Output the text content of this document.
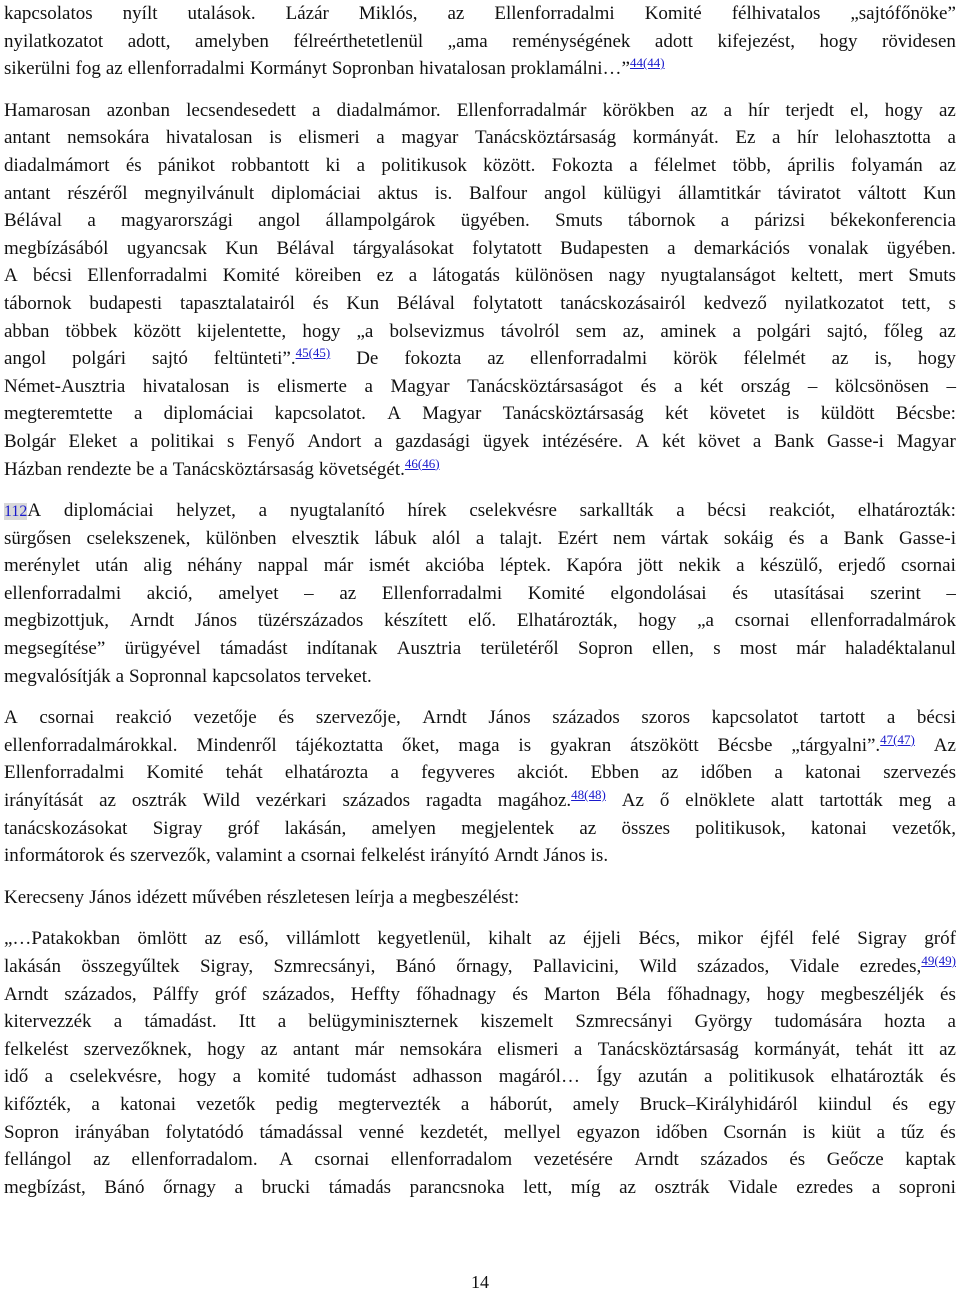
kapcsolatos nyílt utalások. Lázár Miklós, az Ellenforradalmi Komité félhivatalos „sajtófőnöke”
nyilatkozatot adott, amelyben félreérthetetlenül „ama reménységének adott kifejezést, hogy rövidesen
sikerülni fog az ellenforradalmi Kormányt Sopronban hivatalosan proklamálni…”$^{44(44)}$
Hamarosan azonban lecsendesedett a diadalmámor. Ellenforradalmár körökben az a hír terjedt el, hogy az
antant nemsokára hivatalosan is elismeri a magyar Tanácsköztársaság kormányát. Ez a hír lelohasztotta a
diadalmámort és pánikot robbantott ki a politikusok között. Fokozta a félelmet több, április folyamán az
antant részéről megnyilvánult diplomáciai aktus is. Balfour angol külügyi államtitkár táviratot váltott Kun
Bélával a magyarországi angol állampolgárok ügyében. Smuts tábornok a párizsi békekonferencia
megbízásából ugyancsak Kun Bélával tárgyalásokat folytatott Budapesten a demarkációs vonalak ügyében.
A bécsi Ellenforradalmi Komité köreiben ez a látogatás különösen nagy nyugtalanságot keltett, mert Smuts
tábornok budapesti tapasztalatairól és Kun Bélával folytatott tanácskozásairól kedvező nyilatkozatot tett, s
abban többek között kijelentette, hogy „a bolsevizmus távolról sem az, aminek a polgári sajtó, főleg az
angol polgári sajtó feltünteti”.$^{45(45)}$ De fokozta az ellenforradalmi körök félelmét az is, hogy
Német-Ausztria hivatalosan is elismerte a Magyar Tanácsköztársaságot és a két ország – kölcsönösen –
megteremtette a diplomáciai kapcsolatot. A Magyar Tanácsköztársaság két követet is küldött Bécsbe:
Bolgár Eleket a politikai s Fenyő Andort a gazdasági ügyek intézésére. A két követ a Bank Gasse-i Magyar
Házban rendezte be a Tanácsköztársaság követségét.$^{46(46)}$
112A diplomáciai helyzet, a nyugtalanító hírek cselekvésre sarkallták a bécsi reakciót, elhatározták:
sürgősen cselekszenek, különben elvesztik lábuk alól a talajt. Ezért nem vártak sokáig és a Bank Gasse-i
merénylet után alig néhány nappal már ismét akcióba léptek. Kapóra jött nekik a készülő, erjedő csornai
ellenforradalmi akció, amelyet – az Ellenforradalmi Komité elgondolásai és utasításai szerint –
megbizottjuk, Arndt János tüzérszázados készített elő. Elhatározták, hogy „a csornai ellenforradalmárok
megsegítése” ürügyével támadást indítanak Ausztria területéről Sopron ellen, s most már haladéktalanul
megvalósítják a Sopronnal kapcsolatos terveket.
A csornai reakció vezetője és szervezője, Arndt János százados szoros kapcsolatot tartott a bécsi
ellenforradalmárokkal. Mindenről tájékoztatta őket, maga is gyakran átszökött Bécsbe „tárgyalni”.$^{47(47)}$ Az
Ellenforradalmi Komité tehát elhatározta a fegyveres akciót. Ebben az időben a katonai szervezés
irányítását az osztrák Wild vezérkari százados ragadta magához.$^{48(48)}$ Az ő elnöklete alatt tartották meg a
tanácskozásokat Sigray gróf lakásán, amelyen megjelentek az összes politikusok, katonai vezetők,
informátorok és szervezők, valamint a csornai felkelést irányító Arndt János is.
Kerecseny János idézett művében részletesen leírja a megbeszélést:
„…Patakokban ömlött az eső, villámlott kegyetlenül, kihalt az éjjeli Bécs, mikor éjfél felé Sigray gróf
lakásán összegyűltek Sigray, Szmrecsányi, Bánó őrnagy, Pallavicini, Wild százados, Vidale ezredes,$^{49(49)}$
Arndt százados, Pálffy gróf százados, Heffty főhadnagy és Marton Béla főhadnagy, hogy megbeszéljék és
kitervezzék a támadást. Itt a belügyminiszternek kiszemelt Szmrecsányi György tudomására hozta a
felkelést szervezőknek, hogy az antant már nemsokára elismeri a Tanácsköztársaság kormányát, tehát itt az
idő a cselekvésre, hogy a komité tudomást adhasson magáról… Így azután a politikusok elhatározták és
kifőzték, a katonai vezetők pedig megtervezték a háborút, amely Bruck–Királyhidáról kiindul és egy
Sopron irányában folytatódó támadással venné kezdetét, mellyel egyazon időben Csornán is kiüt a tűz és
fellángol az ellenforradalom. A csornai ellenforradalom vezetésére Arndt százados és Geőcze kaptak
megbízást, Bánó őrnagy a brucki támadás parancsnoka lett, míg az osztrák Vidale ezredes a soproni
14
